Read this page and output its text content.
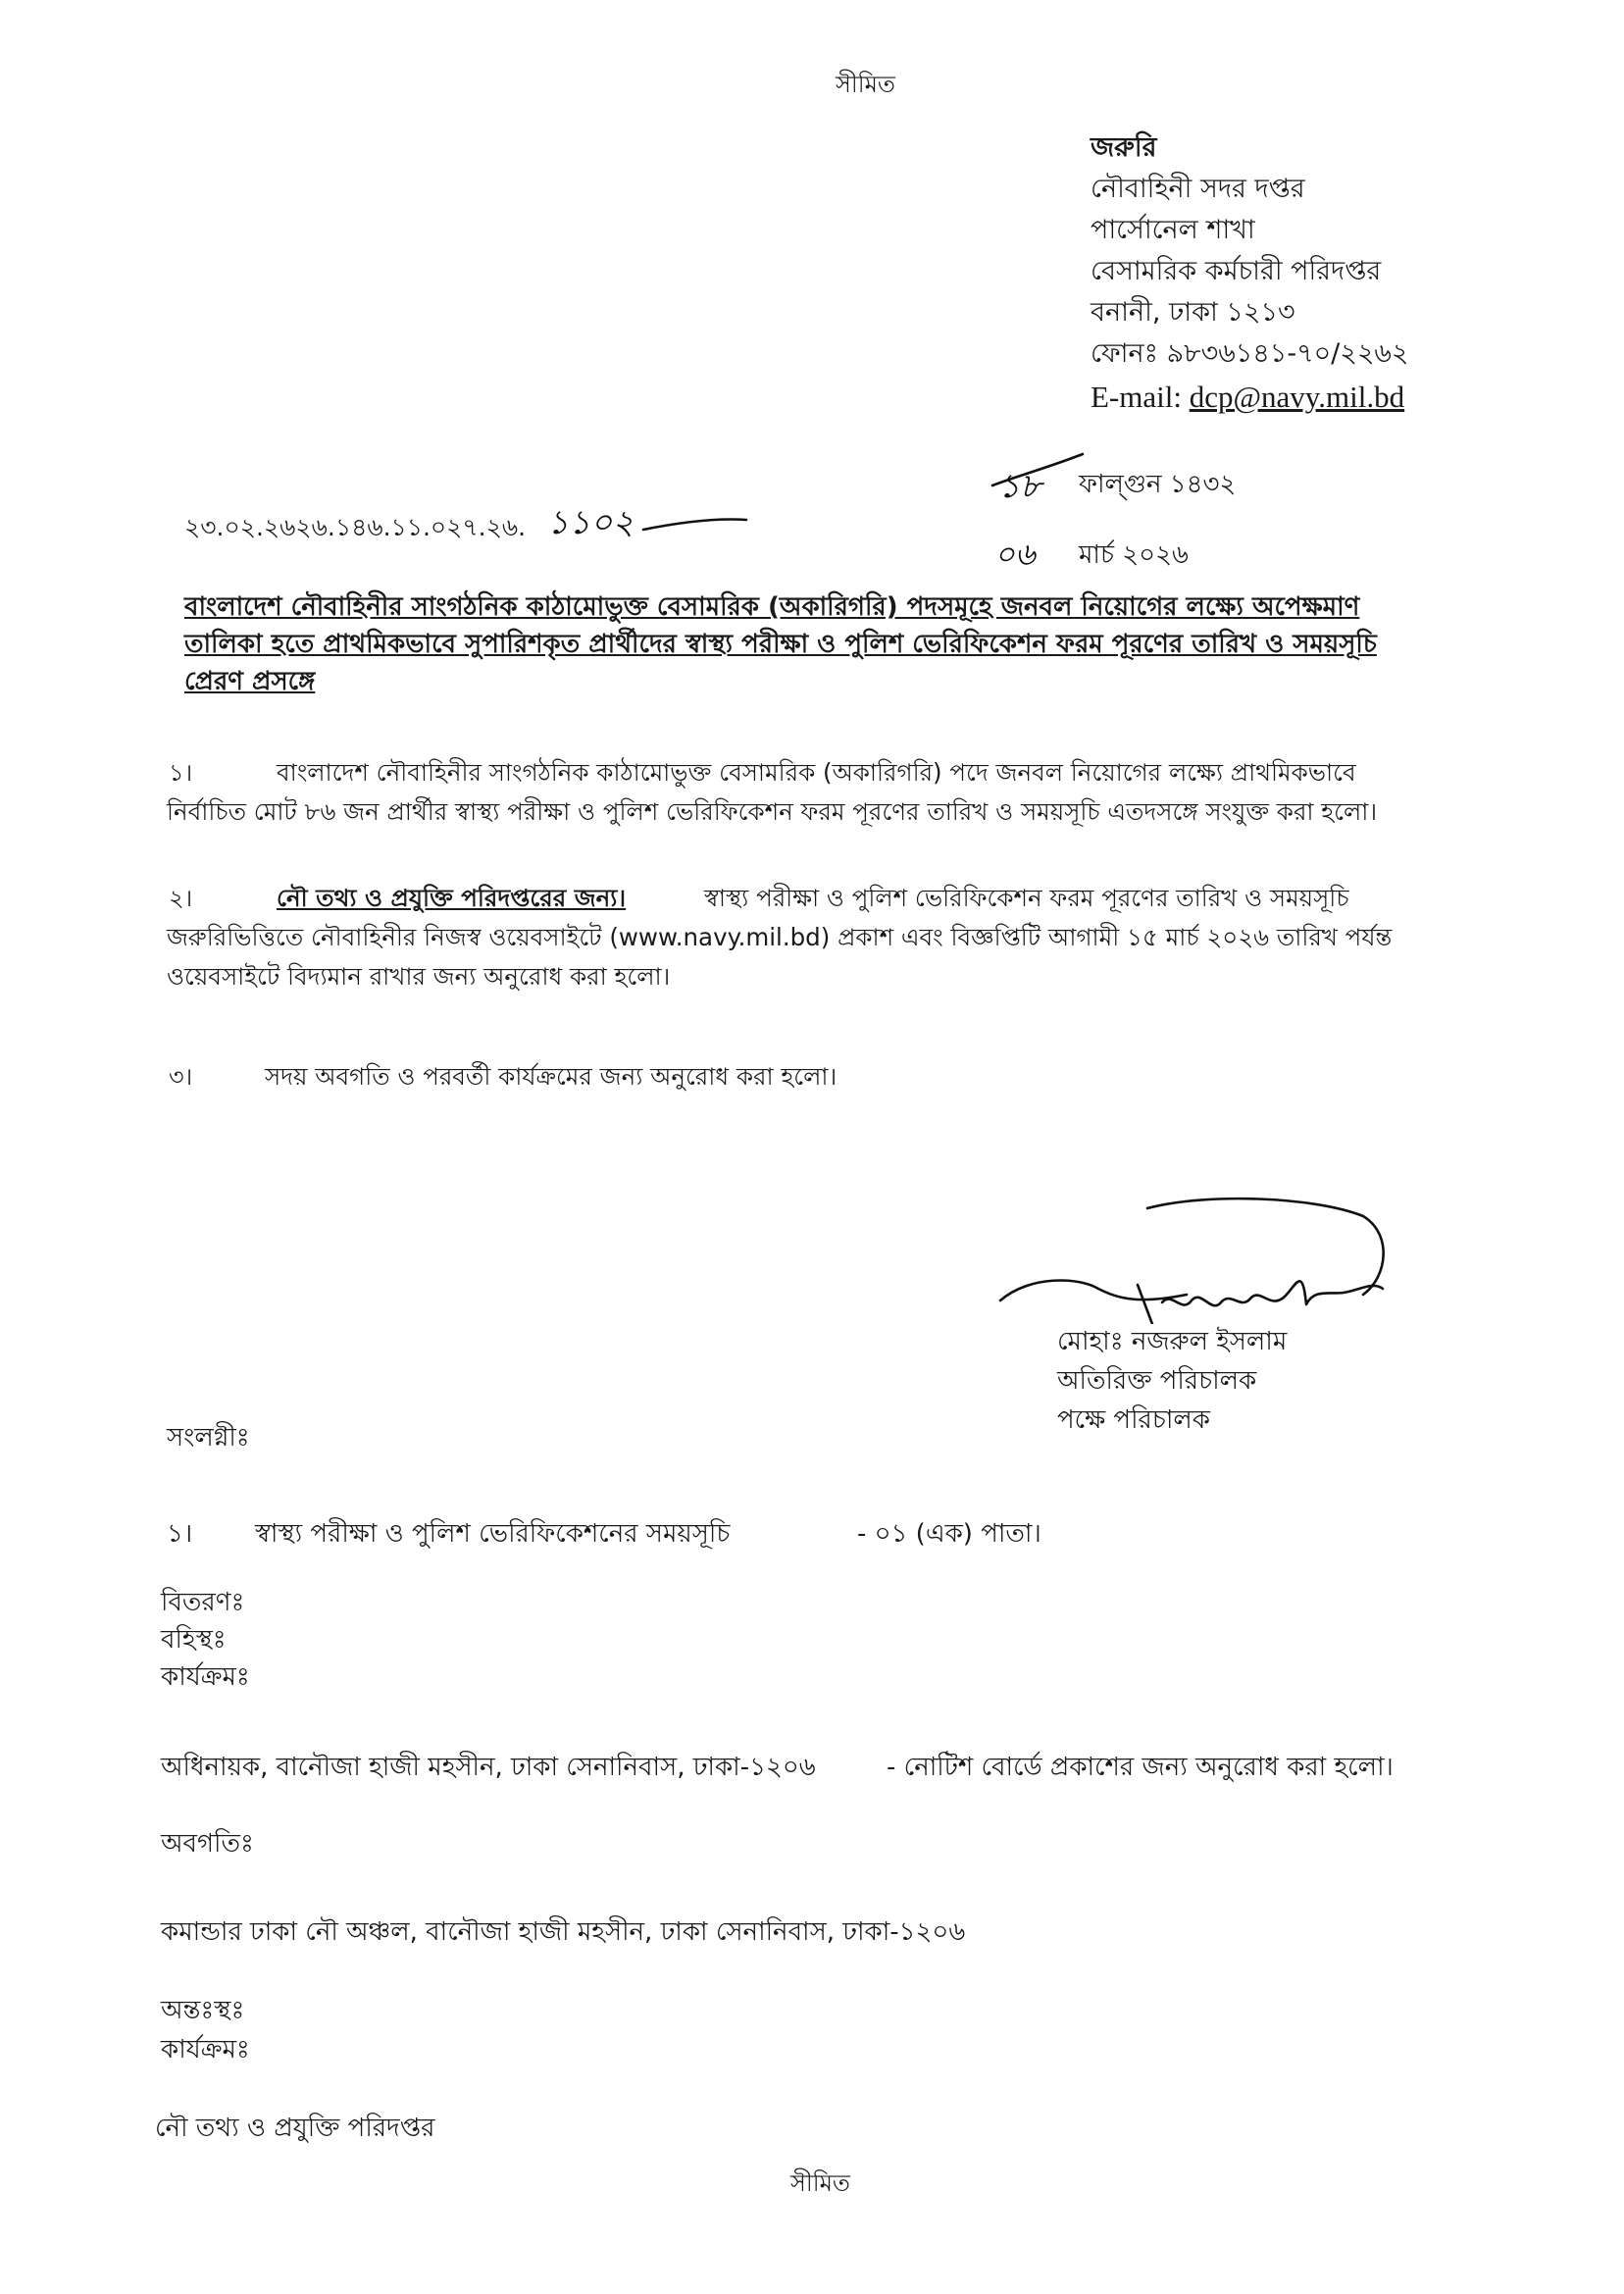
সীমিত
জরুরি
নৌবাহিনী সদর দপ্তর
পার্সোনেল শাখা
বেসামরিক কর্মচারী পরিদপ্তর
বনানী, ঢাকা ১২১৩
ফোনঃ ৯৮৩৬১৪১-৭০/২২৬২
E-mail: dcp@navy.mil.bd
১৮ ফাল্গুন ১৪৩২
২৩.০২.২৬২৬.১৪৬.১১.০২৭.২৬. ১১০২
০৬ মার্চ ২০২৬
বাংলাদেশ নৌবাহিনীর সাংগঠনিক কাঠামোভুক্ত বেসামরিক (অকারিগরি) পদসমূহে জনবল নিয়োগের লক্ষ্যে অপেক্ষমাণ
তালিকা হতে প্রাথমিকভাবে সুপারিশকৃত প্রার্থীদের স্বাস্থ্য পরীক্ষা ও পুলিশ ভেরিফিকেশন ফরম পূরণের তারিখ ও সময়সূচি
প্রেরণ প্রসঙ্গে
১।	বাংলাদেশ নৌবাহিনীর সাংগঠনিক কাঠামোভুক্ত বেসামরিক (অকারিগরি) পদে জনবল নিয়োগের লক্ষ্যে প্রাথমিকভাবে
নির্বাচিত মোট ৮৬ জন প্রার্থীর স্বাস্থ্য পরীক্ষা ও পুলিশ ভেরিফিকেশন ফরম পূরণের তারিখ ও সময়সূচি এতদসঙ্গে সংযুক্ত করা হলো।
২।	নৌ তথ্য ও প্রযুক্তি পরিদপ্তরের জন্য।	স্বাস্থ্য পরীক্ষা ও পুলিশ ভেরিফিকেশন ফরম পূরণের তারিখ ও সময়সূচি
জরুরিভিত্তিতে নৌবাহিনীর নিজস্ব ওয়েবসাইটে (www.navy.mil.bd) প্রকাশ এবং বিজ্ঞপ্তিটি আগামী ১৫ মার্চ ২০২৬ তারিখ পর্যন্ত
ওয়েবসাইটে বিদ্যমান রাখার জন্য অনুরোধ করা হলো।
৩।	সদয় অবগতি ও পরবর্তী কার্যক্রমের জন্য অনুরোধ করা হলো।
মোহাঃ নজরুল ইসলাম
অতিরিক্ত পরিচালক
পক্ষে পরিচালক
সংলগ্নীঃ
১। স্বাস্থ্য পরীক্ষা ও পুলিশ ভেরিফিকেশনের সময়সূচি	- ০১ (এক) পাতা।
বিতরণঃ
বহিস্থঃ
কার্যক্রমঃ
অধিনায়ক, বানৌজা হাজী মহসীন, ঢাকা সেনানিবাস, ঢাকা-১২০৬	- নোটিশ বোর্ডে প্রকাশের জন্য অনুরোধ করা হলো।
অবগতিঃ
কমান্ডার ঢাকা নৌ অঞ্চল, বানৌজা হাজী মহসীন, ঢাকা সেনানিবাস, ঢাকা-১২০৬
অন্তঃস্থঃ
কার্যক্রমঃ
নৌ তথ্য ও প্রযুক্তি পরিদপ্তর
সীমিত
